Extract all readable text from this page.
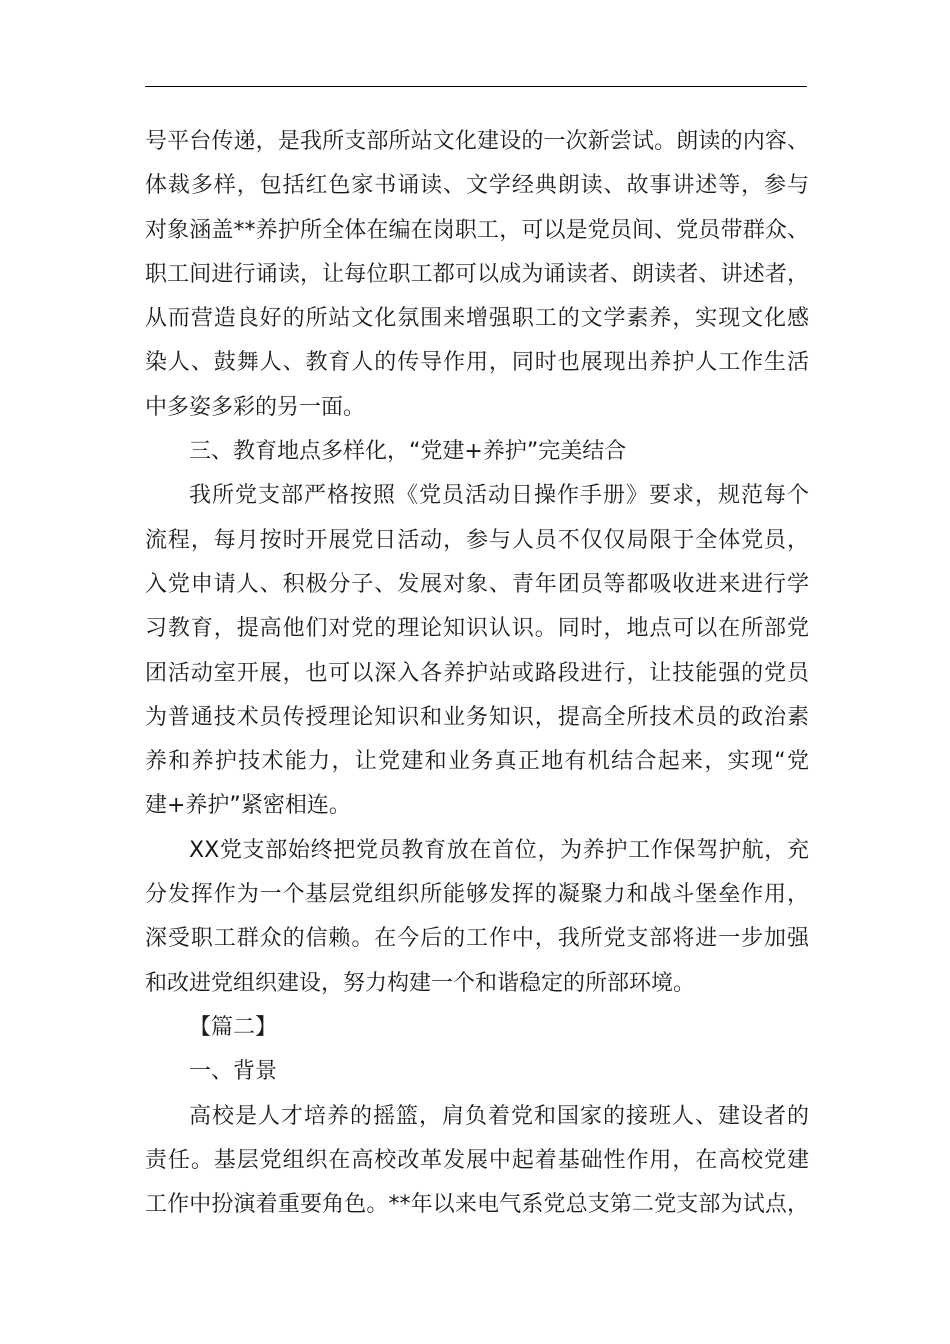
号平台传递，是我所支部所站文化建设的一次新尝试。朗读的内容、
体裁多样，包括红色家书诵读、文学经典朗读、故事讲述等，参与
对象涵盖**养护所全体在编在岗职工，可以是党员间、党员带群众、
职工间进行诵读，让每位职工都可以成为诵读者、朗读者、讲述者，
从而营造良好的所站文化氛围来增强职工的文学素养，实现文化感
染人、鼓舞人、教育人的传导作用，同时也展现出养护人工作生活
中多姿多彩的另一面。
三、教育地点多样化，“党建+养护”完美结合
我所党支部严格按照《党员活动日操作手册》要求，规范每个
流程，每月按时开展党日活动，参与人员不仅仅局限于全体党员，
入党申请人、积极分子、发展对象、青年团员等都吸收进来进行学
习教育，提高他们对党的理论知识认识。同时，地点可以在所部党
团活动室开展，也可以深入各养护站或路段进行，让技能强的党员
为普通技术员传授理论知识和业务知识，提高全所技术员的政治素
养和养护技术能力，让党建和业务真正地有机结合起来，实现“党
建+养护”紧密相连。
XX党支部始终把党员教育放在首位，为养护工作保驾护航，充
分发挥作为一个基层党组织所能够发挥的凝聚力和战斗堡垒作用，
深受职工群众的信赖。在今后的工作中，我所党支部将进一步加强
和改进党组织建设，努力构建一个和谐稳定的所部环境。
【篇二】
一、背景
高校是人才培养的摇篮，肩负着党和国家的接班人、建设者的
责任。基层党组织在高校改革发展中起着基础性作用，在高校党建
工作中扮演着重要角色。**年以来电气系党总支第二党支部为试点，
